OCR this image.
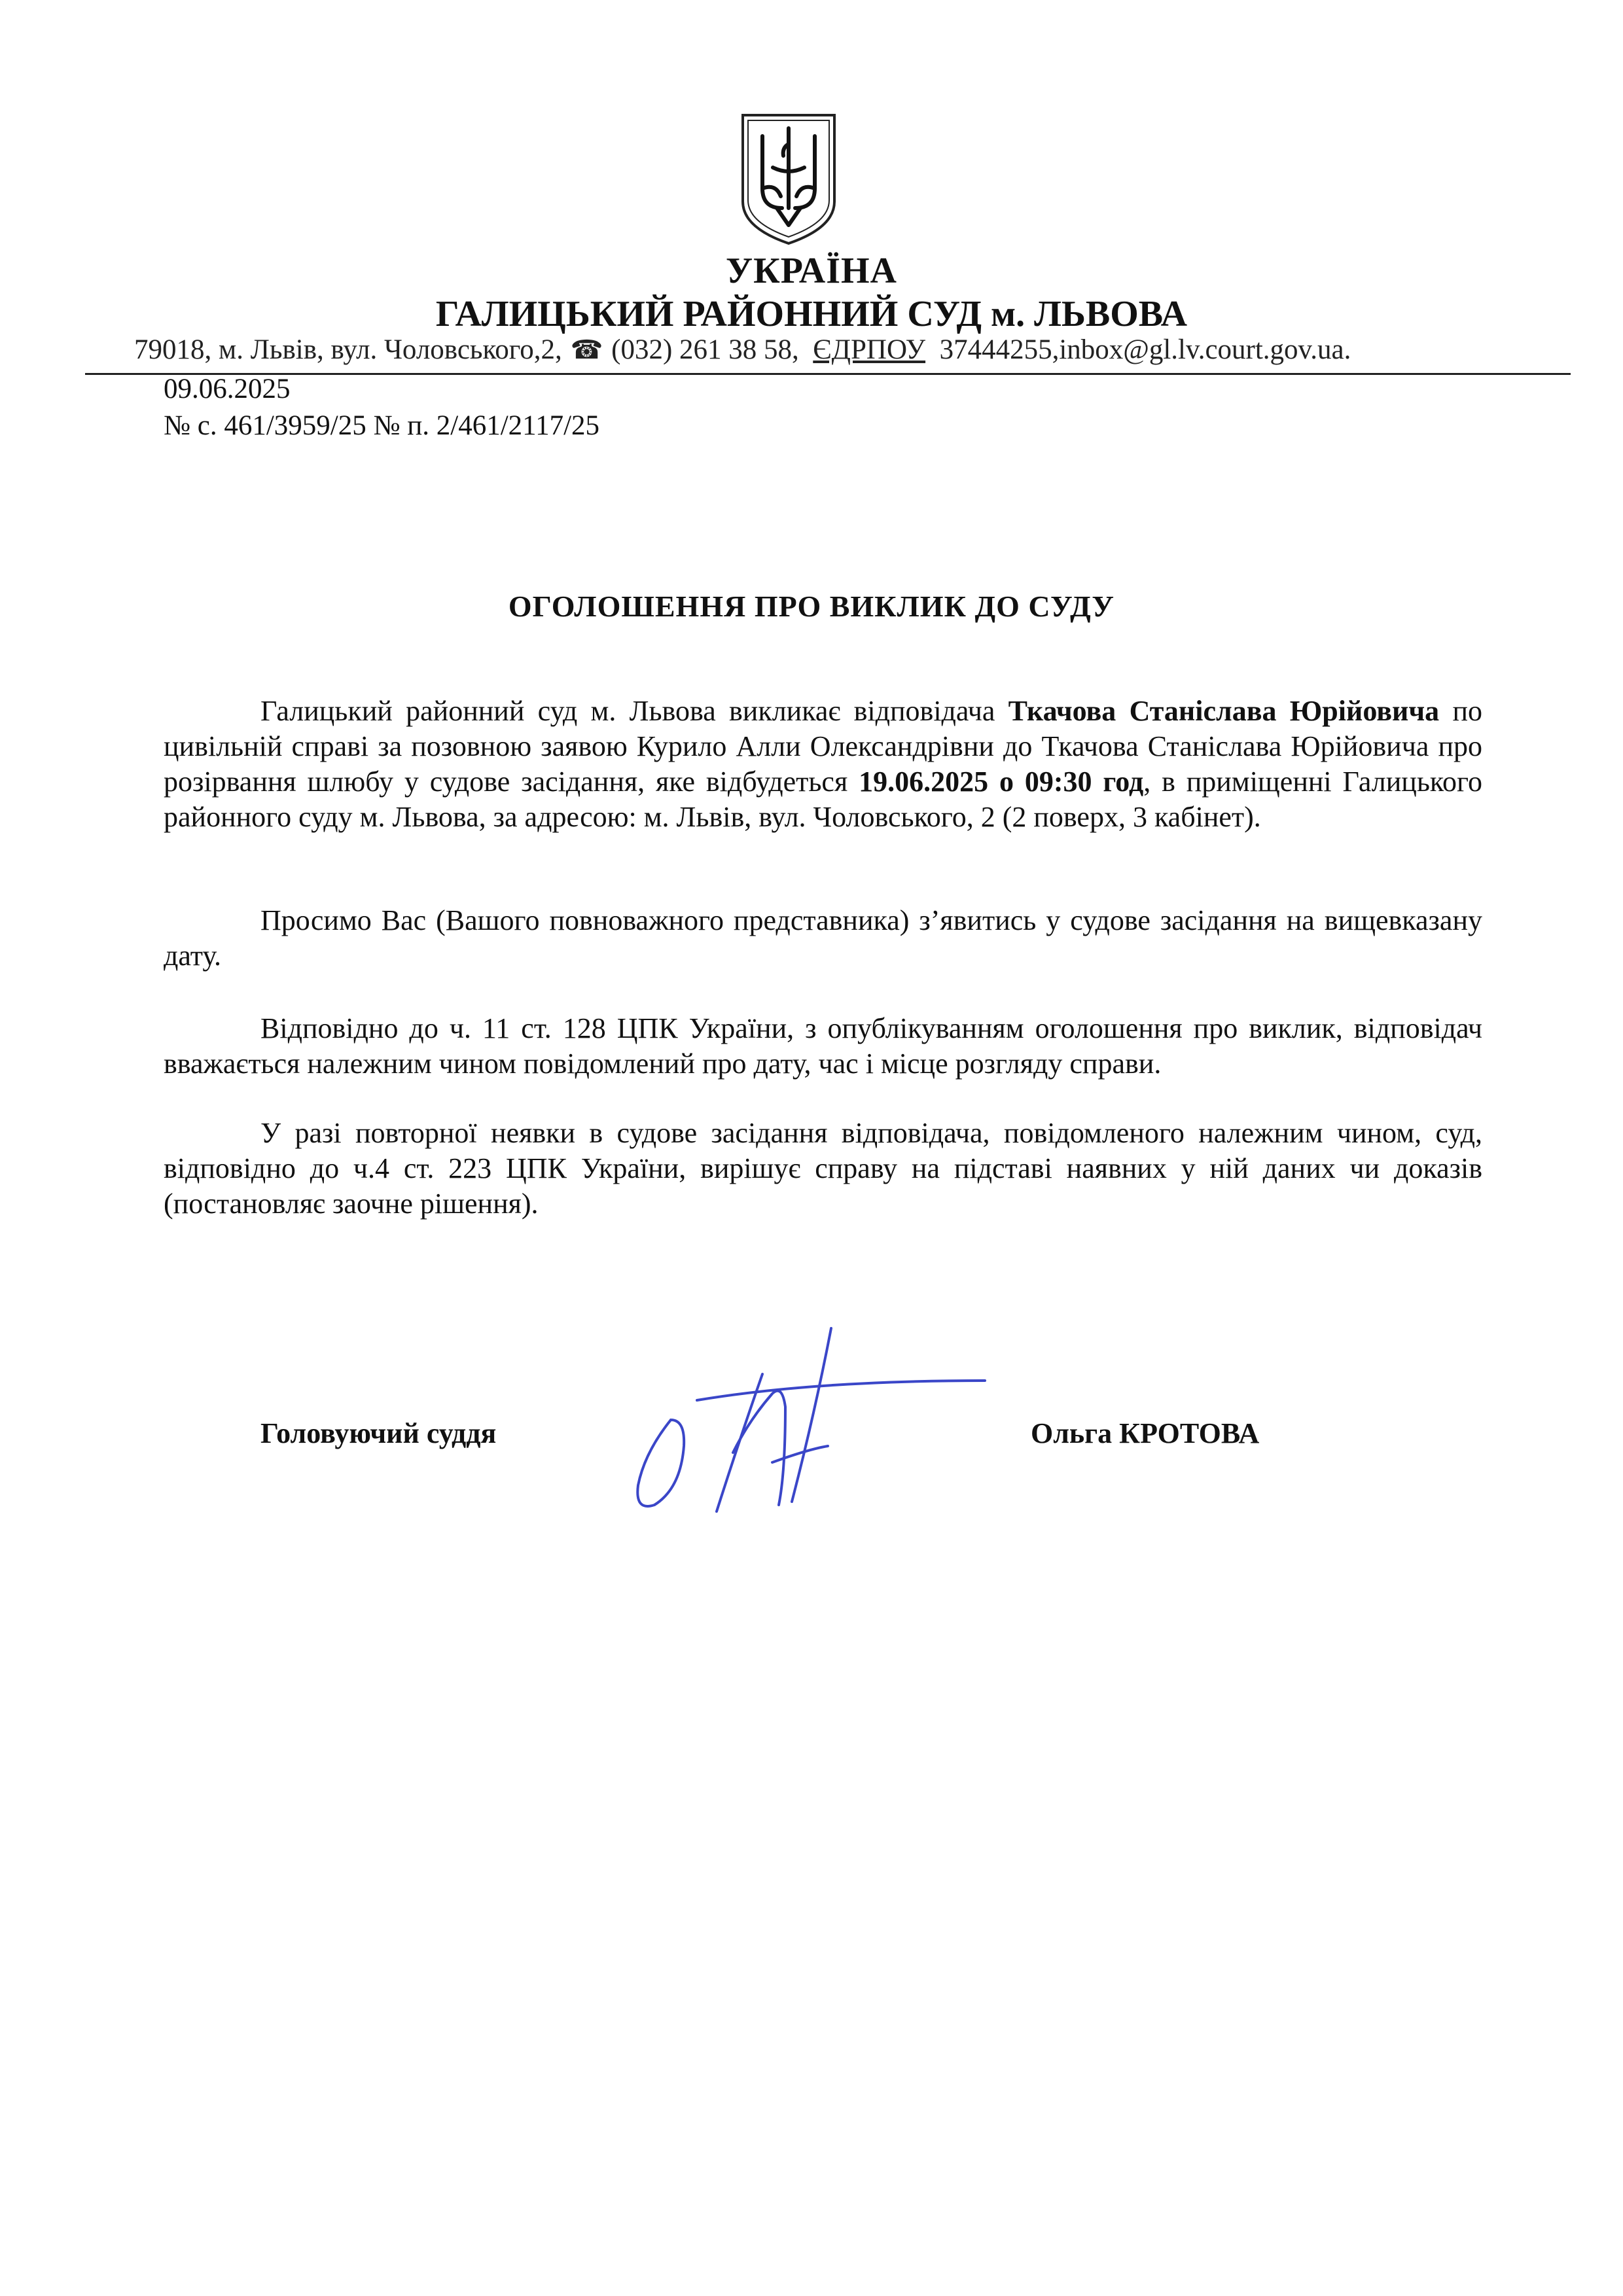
УКРАЇНА
ГАЛИЦЬКИЙ РАЙОННИЙ СУД м. ЛЬВОВА
79018, м. Львів, вул. Чоловського,2, ☎ (032) 261 38 58,  ЄДРПОУ 37444255,inbox@gl.lv.court.gov.ua.
09.06.2025
№ с. 461/3959/25 № п. 2/461/2117/25
ОГОЛОШЕННЯ ПРО ВИКЛИК ДО СУДУ

Галицький районний суд м. Львова викликає відповідача Ткачова Станіслава Юрійовича по цивільній справі за позовною заявою Курило Алли Олександрівни до Ткачова Станіслава Юрійовича про розірвання шлюбу у судове засідання, яке відбудеться 19.06.2025 о 09:30 год, в приміщенні Галицького районного суду м. Львова, за адресою: м. Львів, вул. Чоловського, 2 (2 поверх, 3 кабінет).

Просимо Вас (Вашого повноважного представника) з’явитись у судове засідання на вищевказану дату.

Відповідно до ч. 11 ст. 128 ЦПК України, з опублікуванням оголошення про виклик, відповідач вважається належним чином повідомлений про дату, час і місце розгляду справи.

У разі повторної неявки в судове засідання відповідача, повідомленого належним чином, суд, відповідно до ч.4 ст. 223 ЦПК України, вирішує справу на підставі наявних у ній даних чи доказів (постановляє заочне рішення).

Головуючий суддя	Ольга КРОТОВА
